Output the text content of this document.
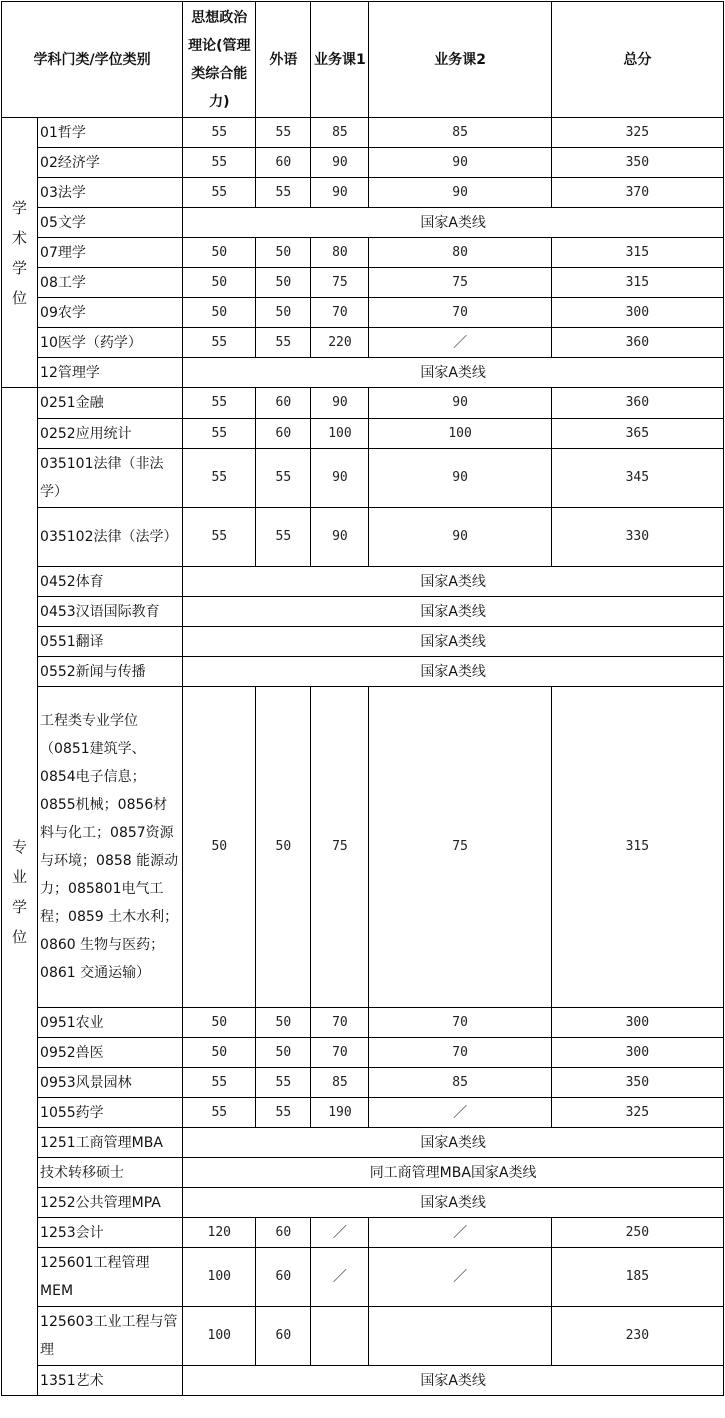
学科门类/学位类别		思想政治理论(管理类综合能力)	外语	业务课1	业务课2	总分
学术学位	01哲学	55	55	85	85	325
	02经济学	55	60	90	90	350
	03法学	55	55	90	90	370
	05文学	国家A类线				
	07理学	50	50	80	80	315
	08工学	50	50	75	75	315
	09农学	50	50	70	70	300
	10医学（药学）	55	55	220	／	360
	12管理学	国家A类线				
专业学位	0251金融	55	60	90	90	360
	0252应用统计	55	60	100	100	365
	035101法律（非法学）	55	55	90	90	345
	035102法律（法学）	55	55	90	90	330
	0452体育	国家A类线				
	0453汉语国际教育	国家A类线				
	0551翻译	国家A类线				
	0552新闻与传播	国家A类线				
	工程类专业学位（0851建筑学、0854电子信息；0855机械；0856材料与化工；0857资源与环境；0858 能源动力；085801电气工程；0859 土木水利；0860 生物与医药； 0861 交通运输）	50	50	75	75	315
	0951农业	50	50	70	70	300
	0952兽医	50	50	70	70	300
	0953风景园林	55	55	85	85	350
	1055药学	55	55	190	／	325
	1251工商管理MBA	国家A类线				
	技术转移硕士	同工商管理MBA国家A类线				
	1252公共管理MPA	国家A类线				
	1253会计	120	60	／	／	250
	125601工程管理MEM	100	60	／	／	185
	125603工业工程与管理	100	60			230
	1351艺术	国家A类线				
